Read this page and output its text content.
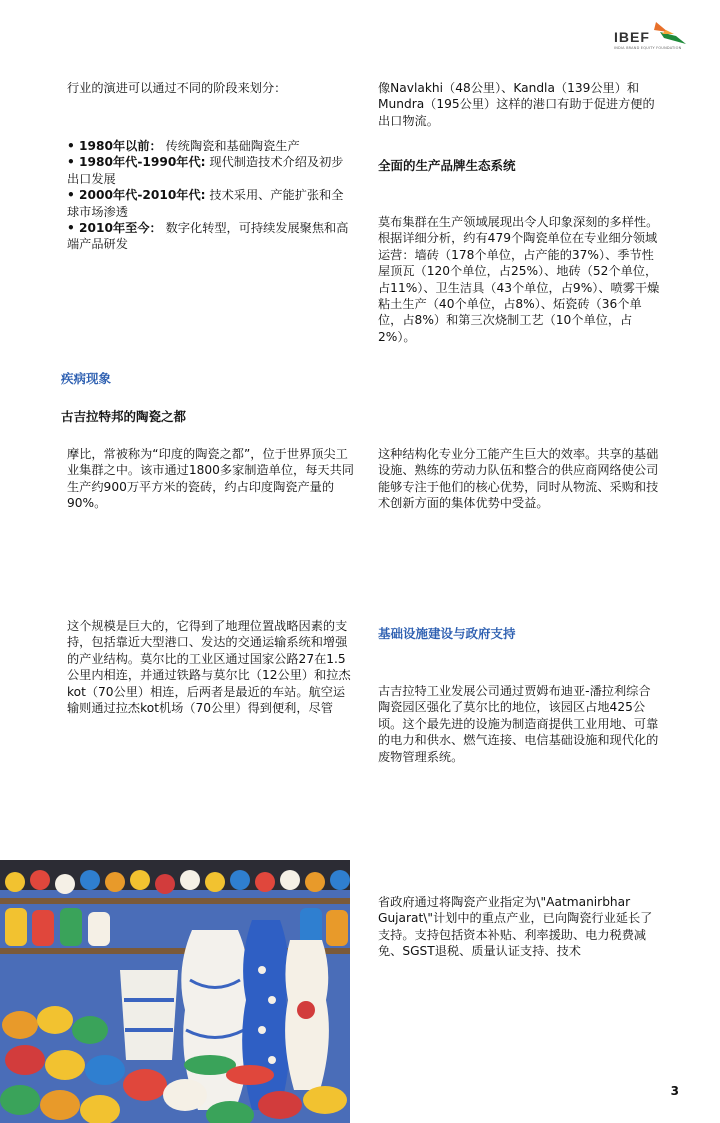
IBEF
INDIA BRAND EQUITY FOUNDATION
行业的演进可以通过不同的阶段来划分：
• 1980年以前： 传统陶瓷和基础陶瓷生产
• 1980年代-1990年代: 现代制造技术介绍及初步出口发展
• 2000年代-2010年代: 技术采用、产能扩张和全球市场渗透
• 2010年至今： 数字化转型，可持续发展聚焦和高端产品研发
疾病现象
古吉拉特邦的陶瓷之都
摩比，常被称为“印度的陶瓷之都”，位于世界顶尖工业集群之中。该市通过1800多家制造单位，每天共同生产约900万平方米的瓷砖，约占印度陶瓷产量的90%。
这个规模是巨大的，它得到了地理位置战略因素的支持，包括靠近大型港口、发达的交通运输系统和增强的产业结构。莫尔比的工业区通过国家公路27在1.5公里内相连，并通过铁路与莫尔比（12公里）和拉杰kot（70公里）相连，后两者是最近的车站。航空运输则通过拉杰kot机场（70公里）得到便利，尽管
像Navlakhi（48公里）、Kandla（139公里）和Mundra（195公里）这样的港口有助于促进方便的出口物流。
全面的生产品牌生态系统
莫布集群在生产领域展现出令人印象深刻的多样性。根据详细分析，约有479个陶瓷单位在专业细分领域运营：墙砖（178个单位，占产能的37%）、季节性屋顶瓦（120个单位，占25%）、地砖（52个单位，占11%）、卫生洁具（43个单位，占9%）、喷雾干燥粘土生产（40个单位，占8%）、炻瓷砖（36个单位，占8%）和第三次烧制工艺（10个单位，占2%）。
这种结构化专业分工能产生巨大的效率。共享的基础设施、熟练的劳动力队伍和整合的供应商网络使公司能够专注于他们的核心优势，同时从物流、采购和技术创新方面的集体优势中受益。
基础设施建设与政府支持
古吉拉特工业发展公司通过贾姆布迪亚-潘拉利综合陶瓷园区强化了莫尔比的地位，该园区占地425公顷。这个最先进的设施为制造商提供工业用地、可靠的电力和供水、燃气连接、电信基础设施和现代化的废物管理系统。
省政府通过将陶瓷产业指定为\"Aatmanirbhar Gujarat\"计划中的重点产业，已向陶瓷行业延长了支持。支持包括资本补贴、利率援助、电力税费减免、SGST退税、质量认证支持、技术
3
